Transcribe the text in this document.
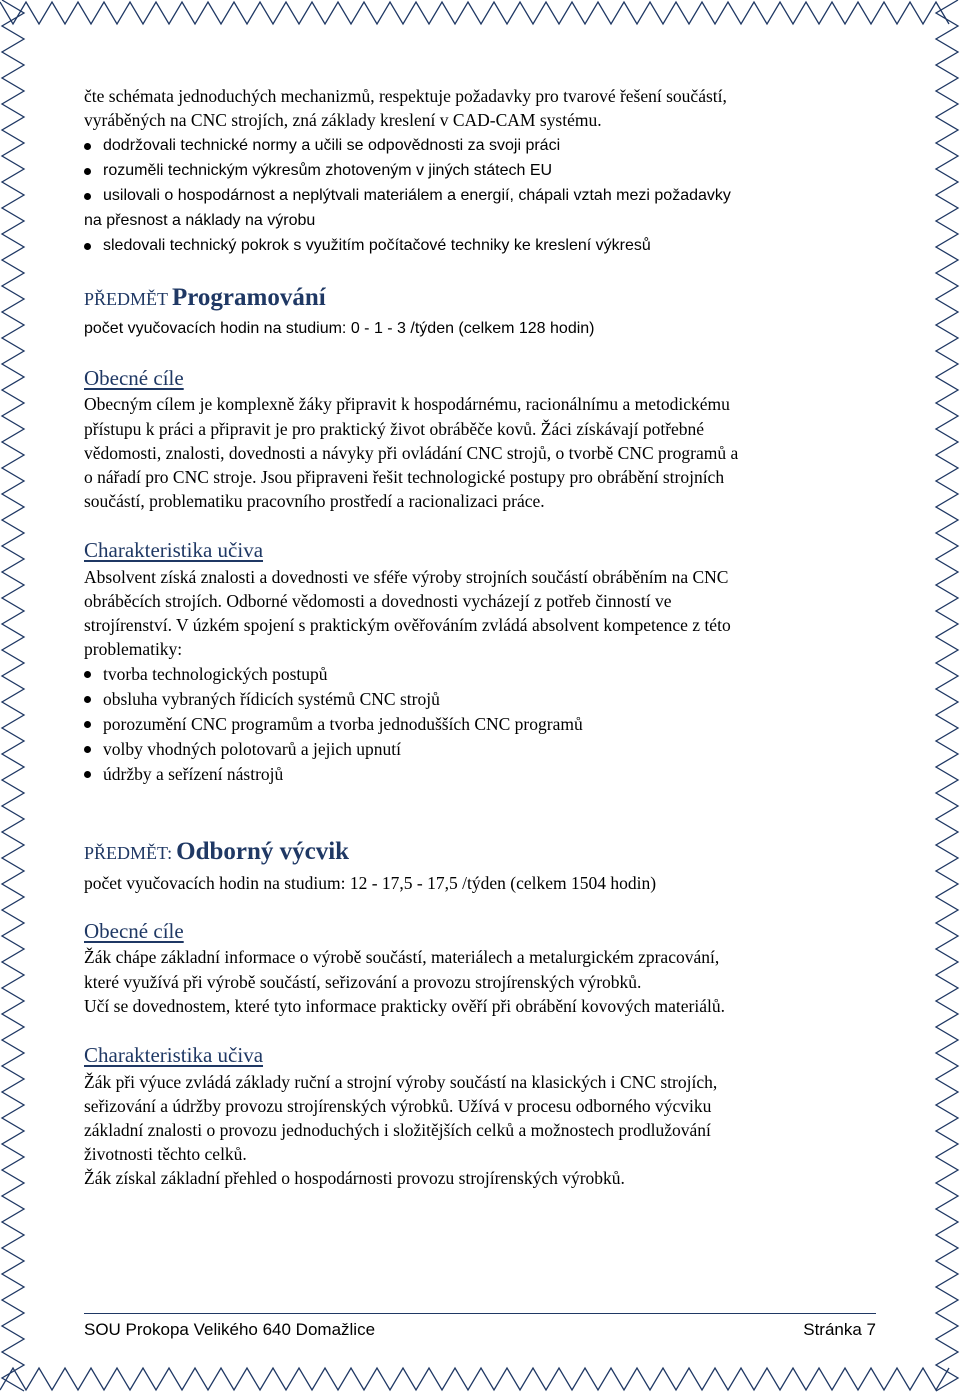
čte schémata jednoduchých mechanizmů, respektuje požadavky pro tvarové řešení součástí,
vyráběných na CNC strojích, zná základy kreslení v CAD-CAM systému.
dodržovali technické normy a učili se odpovědnosti za svoji práci
rozuměli technickým výkresům zhotoveným v jiných státech EU
usilovali o hospodárnost a neplýtvali materiálem a energií, chápali vztah mezi požadavky
na přesnost a náklady na výrobu
sledovali technický pokrok s využitím počítačové techniky ke kreslení výkresů
PŘEDMĚT Programování
počet vyučovacích hodin na studium: 0 - 1 - 3 /týden (celkem 128 hodin)
Obecné cíle
Obecným cílem je komplexně žáky připravit k hospodárnému, racionálnímu a metodickému
přístupu k práci a připravit je pro praktický život obráběče kovů. Žáci získávají potřebné
vědomosti, znalosti, dovednosti a návyky při ovládání CNC strojů, o tvorbě CNC programů a
o nářadí pro CNC stroje. Jsou připraveni řešit technologické postupy pro obrábění strojních
součástí, problematiku pracovního prostředí a racionalizaci práce.
Charakteristika učiva
Absolvent získá znalosti a dovednosti ve sféře výroby strojních součástí obráběním na CNC
obráběcích strojích. Odborné vědomosti a dovednosti vycházejí z potřeb činností ve
strojírenství. V úzkém spojení s praktickým ověřováním zvládá absolvent kompetence z této
problematiky:
tvorba technologických postupů
obsluha vybraných řídicích systémů CNC strojů
porozumění CNC programům a tvorba jednodušších CNC programů
volby vhodných polotovarů a jejich upnutí
údržby a seřízení nástrojů
PŘEDMĚT: Odborný výcvik
počet vyučovacích hodin na studium: 12 - 17,5 - 17,5 /týden (celkem 1504 hodin)
Obecné cíle
Žák chápe základní informace o výrobě součástí, materiálech a metalurgickém zpracování,
které využívá při výrobě součástí, seřizování a provozu strojírenských výrobků.
Učí se dovednostem, které tyto informace prakticky ověří při obrábění kovových materiálů.
Charakteristika učiva
Žák při výuce zvládá základy ruční a strojní výroby součástí na klasických i CNC strojích,
seřizování a údržby provozu strojírenských výrobků. Užívá v procesu odborného výcviku
základní znalosti o provozu jednoduchých i složitějších celků a možnostech prodlužování
životnosti těchto celků.
Žák získal základní přehled o hospodárnosti provozu strojírenských výrobků.
SOU Prokopa Velikého 640 Domažlice	Stránka 7
